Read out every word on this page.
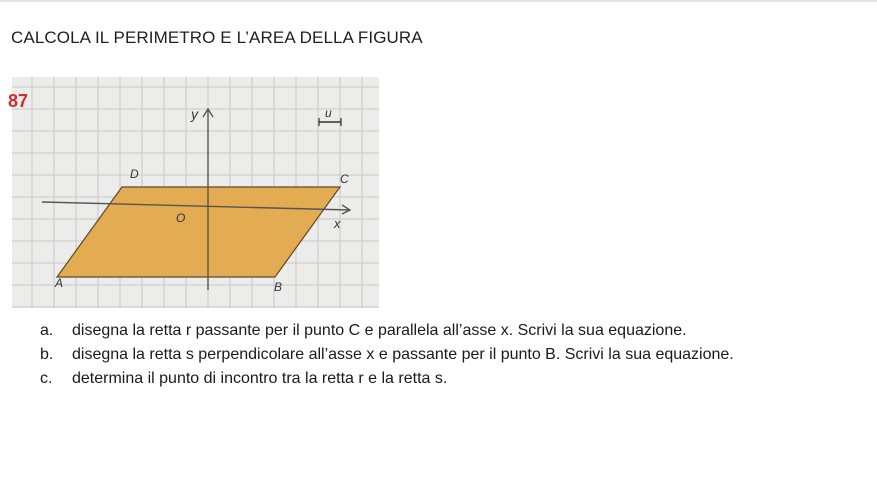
CALCOLA IL PERIMETRO E L’AREA DELLA FIGURA
87
y
x
u
O
A	B
C
D
a. disegna la retta r passante per il punto C e parallela all’asse x. Scrivi la sua equazione.
b. disegna la retta s perpendicolare all’asse x e passante per il punto B. Scrivi la sua equazione.
c. determina il punto di incontro tra la retta r e la retta s.
